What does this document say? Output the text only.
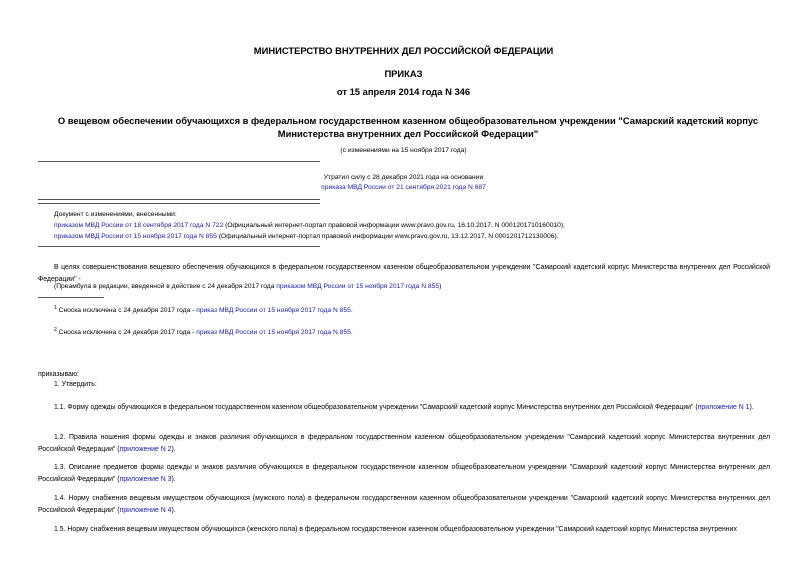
МИНИСТЕРСТВО ВНУТРЕННИХ ДЕЛ РОССИЙСКОЙ ФЕДЕРАЦИИ
ПРИКАЗ
от 15 апреля 2014 года N 346
О вещевом обеспечении обучающихся в федеральном государственном казенном общеобразовательном учреждении "Самарский кадетский корпус Министерства внутренних дел Российской Федерации"
(с изменениями на 15 ноября 2017 года)
Утратил силу с 28 декабря 2021 года на основании
приказа МВД России от 21 сентября 2021 года N 687
Документ с изменениями, внесенными:
приказом МВД России от 18 сентября 2017 года N 722 (Официальный интернет-портал правовой информации www.pravo.gov.ru, 16.10.2017, N 0001201710160010);
приказом МВД России от 15 ноября 2017 года N 855 (Официальный интернет-портал правовой информации www.pravo.gov.ru, 13.12.2017, N 0001201712130006).
В целях совершенствования вещевого обеспечения обучающихся в федеральном государственном казенном общеобразовательном учреждении "Самарский кадетский корпус Министерства внутренних дел Российской Федерации" -
(Преамбула в редакции, введенной в действие с 24 декабря 2017 года приказом МВД России от 15 ноября 2017 года N 855)
$^1$ Сноска исключена с 24 декабря 2017 года - приказ МВД России от 15 ноября 2017 года N 855.
$^2$ Сноска исключена с 24 декабря 2017 года - приказ МВД России от 15 ноября 2017 года N 855.
приказываю:
1. Утвердить:
1.1. Форму одежды обучающихся в федеральном государственном казенном общеобразовательном учреждении "Самарский кадетский корпус Министерства внутренних дел Российской Федерации" (приложение N 1).
1.2. Правила ношения формы одежды и знаков различия обучающихся в федеральном государственном казенном общеобразовательном учреждении "Самарский кадетский корпус Министерства внутренних дел Российской Федерации" (приложение N 2).
1.3. Описание предметов формы одежды и знаков различия обучающихся в федеральном государственном казенном общеобразовательном учреждении "Самарский кадетский корпус Министерства внутренних дел Российской Федерации" (приложение N 3).
1.4. Норму снабжения вещевым имуществом обучающихся (мужского пола) в федеральном государственном казенном общеобразовательном учреждении "Самарский кадетский корпус Министерства внутренних дел Российской Федерации" (приложение N 4).
1.5. Норму снабжения вещевым имуществом обучающихся (женского пола) в федеральном государственном казенном общеобразовательном учреждении "Самарский кадетский корпус Министерства внутренних
